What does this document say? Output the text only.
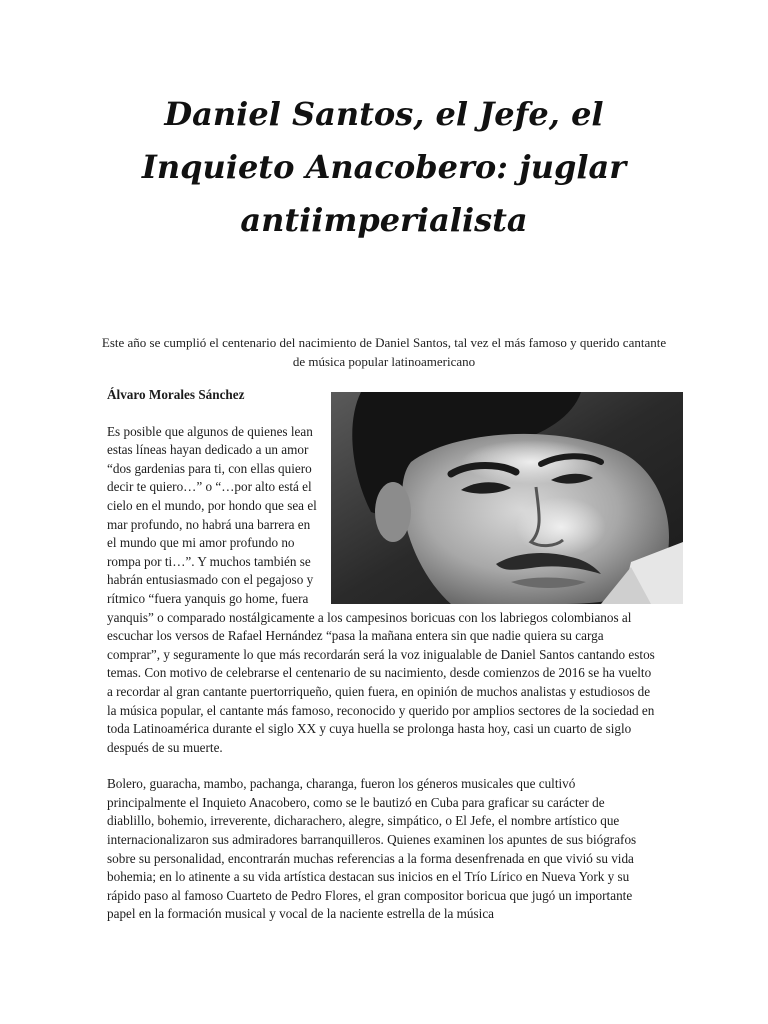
Daniel Santos, el Jefe, el Inquieto Anacobero: juglar antiimperialista

Este año se cumplió el centenario del nacimiento de Daniel Santos, tal vez el más famoso y querido cantante de música popular latinoamericano

Álvaro Morales Sánchez

Es posible que algunos de quienes lean estas líneas hayan dedicado a un amor “dos gardenias para ti, con ellas quiero decir te quiero…” o “…por alto está el cielo en el mundo, por hondo que sea el mar profundo, no habrá una barrera en el mundo que mi amor profundo no rompa por ti…”. Y muchos también se habrán entusiasmado con el pegajoso y rítmico “fuera yanquis go home, fuera yanquis” o comparado nostálgicamente a los campesinos boricuas con los labriegos colombianos al escuchar los versos de Rafael Hernández “pasa la mañana entera sin que nadie quiera su carga comprar”, y seguramente lo que más recordarán será la voz inigualable de Daniel Santos cantando estos temas. Con motivo de celebrarse el centenario de su nacimiento, desde comienzos de 2016 se ha vuelto a recordar al gran cantante puertorriqueño, quien fuera, en opinión de muchos analistas y estudiosos de la música popular, el cantante más famoso, reconocido y querido por amplios sectores de la sociedad en toda Latinoamérica durante el siglo XX y cuya huella se prolonga hasta hoy, casi un cuarto de siglo después de su muerte.

Bolero, guaracha, mambo, pachanga, charanga, fueron los géneros musicales que cultivó principalmente el Inquieto Anacobero, como se le bautizó en Cuba para graficar su carácter de diablillo, bohemio, irreverente, dicharachero, alegre, simpático, o El Jefe, el nombre artístico que internacionalizaron sus admiradores barranquilleros. Quienes examinen los apuntes de sus biógrafos sobre su personalidad, encontrarán muchas referencias a la forma desenfrenada en que vivió su vida bohemia; en lo atinente a su vida artística destacan sus inicios en el Trío Lírico en Nueva York y su rápido paso al famoso Cuarteto de Pedro Flores, el gran compositor boricua que jugó un importante papel en la formación musical y vocal de la naciente estrella de la música
